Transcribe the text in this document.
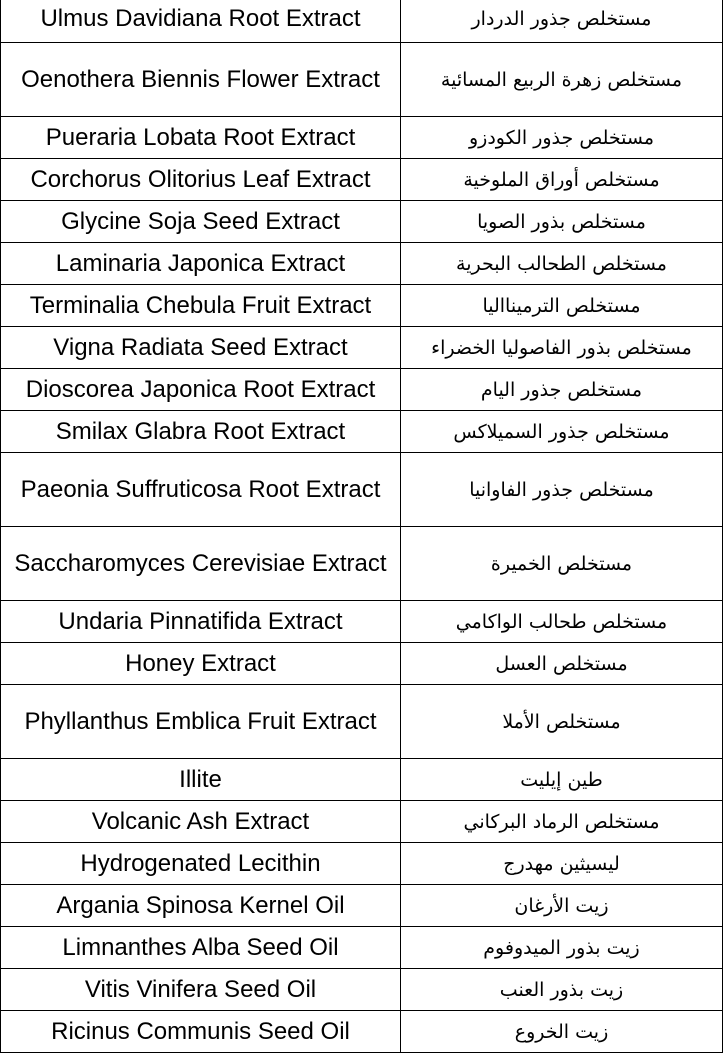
Ulmus Davidiana Root Extract	مستخلص جذور الدردار
Oenothera Biennis Flower Extract	مستخلص زهرة الربيع المسائية
Pueraria Lobata Root Extract	مستخلص جذور الكودزو
Corchorus Olitorius Leaf Extract	مستخلص أوراق الملوخية
Glycine Soja Seed Extract	مستخلص بذور الصويا
Laminaria Japonica Extract	مستخلص الطحالب البحرية
Terminalia Chebula Fruit Extract	مستخلص الترمينااليا
Vigna Radiata Seed Extract	مستخلص بذور الفاصوليا الخضراء
Dioscorea Japonica Root Extract	مستخلص جذور اليام
Smilax Glabra Root Extract	مستخلص جذور السميلاكس
Paeonia Suffruticosa Root Extract	مستخلص جذور الفاوانيا
Saccharomyces Cerevisiae Extract	مستخلص الخميرة
Undaria Pinnatifida Extract	مستخلص طحالب الواكامي
Honey Extract	مستخلص العسل
Phyllanthus Emblica Fruit Extract	مستخلص الأملا
Illite	طين إيليت
Volcanic Ash Extract	مستخلص الرماد البركاني
Hydrogenated Lecithin	ليسيثين مهدرج
Argania Spinosa Kernel Oil	زيت الأرغان
Limnanthes Alba Seed Oil	زيت بذور الميدوفوم
Vitis Vinifera Seed Oil	زيت بذور العنب
Ricinus Communis Seed Oil	زيت الخروع
